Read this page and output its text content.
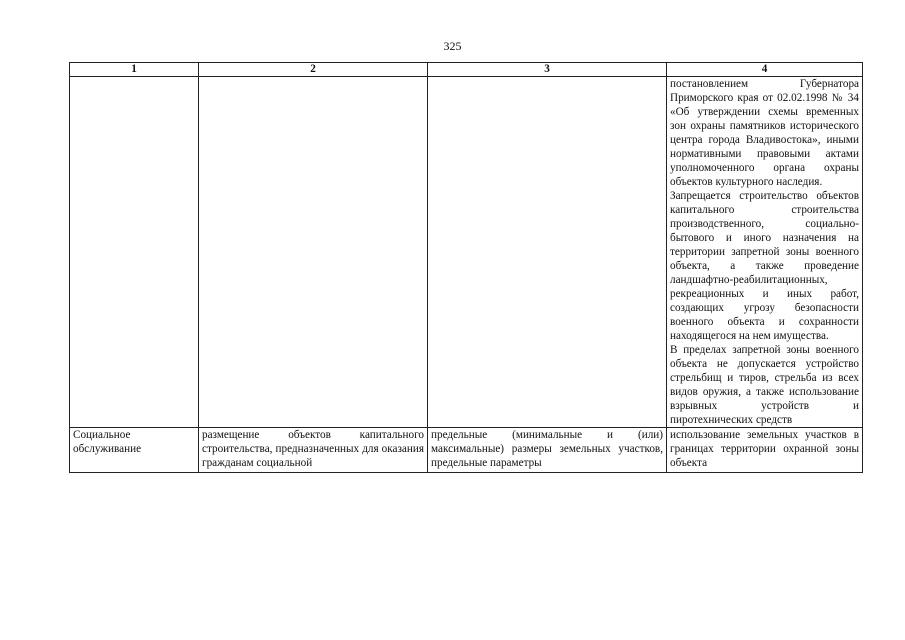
325
1	2	3	4

			постановлением Губернатора Приморского края от 02.02.1998 № 34 «Об утверждении схемы временных зон охраны памятников исторического центра города Владивостока», иными нормативными правовыми актами уполномоченного органа охраны объектов культурного наследия.
Запрещается строительство объектов капитального строительства производственного, социально-бытового и иного назначения на территории запретной зоны военного объекта, а также проведение ландшафтно-реабилитационных, рекреационных и иных работ, создающих угрозу безопасности военного объекта и сохранности находящегося на нем имущества.
В пределах запретной зоны военного объекта не допускается устройство стрельбищ и тиров, стрельба из всех видов оружия, а также использование взрывных устройств и пиротехнических средств

Социальное обслуживание	размещение объектов капитального строительства, предназначенных для оказания гражданам социальной	предельные (минимальные и (или) максимальные) размеры земельных участков, предельные параметры	использование земельных участков в границах территории охранной зоны объекта
